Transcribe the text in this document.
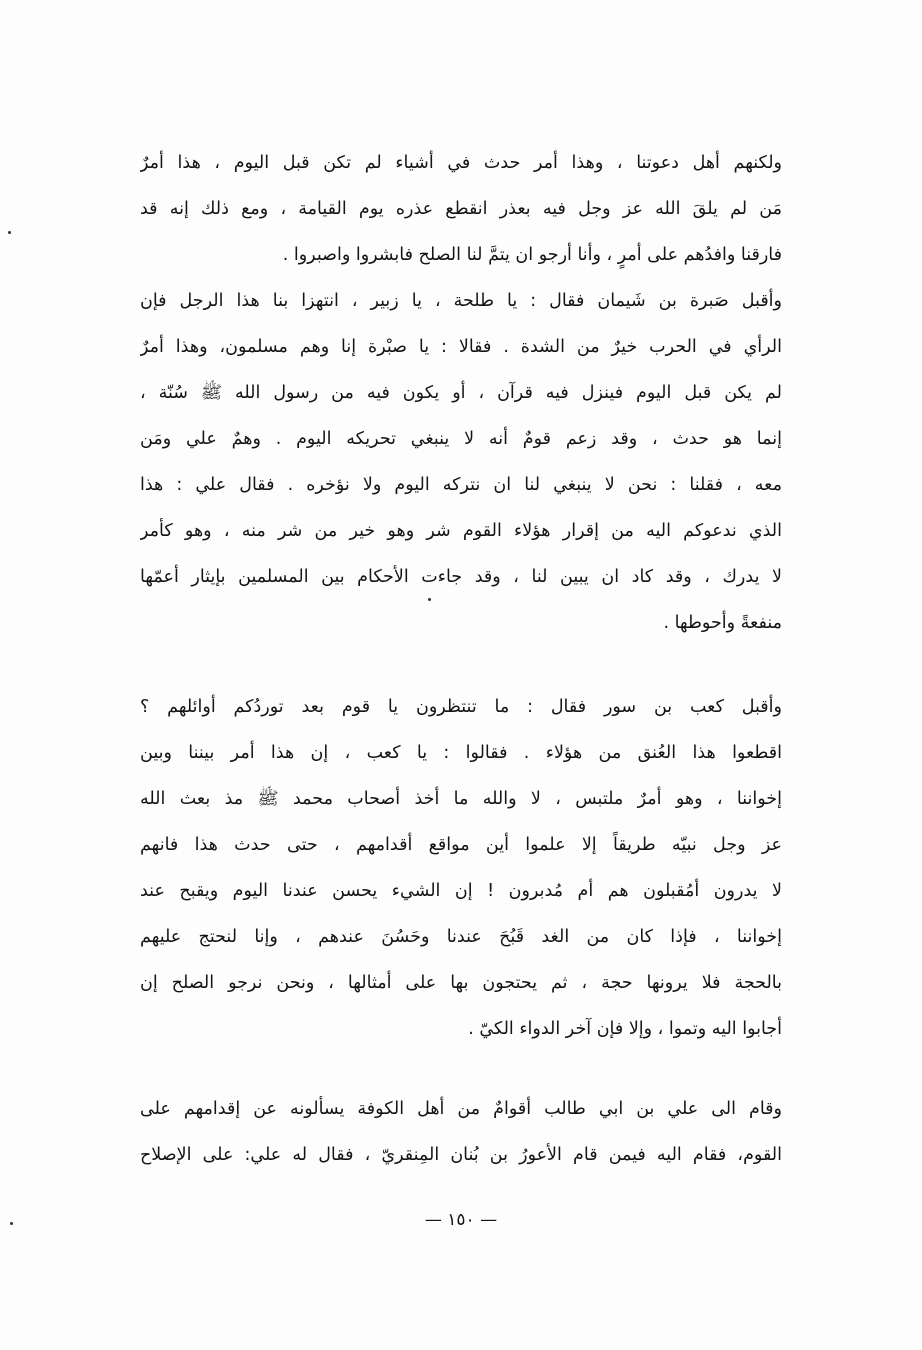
ولكنهم أهل دعوتنا ، وهذا أمر حدث في أشياء لم تكن قبل اليوم ، هذا أمرٌ
مَن لم يلقَ الله عز وجل فيه بعذر انقطع عذره يوم القيامة ، ومع ذلك إنه قد
فارقنا وافدُهم على أمرٍ ، وأنا أرجو ان يتمَّ لنا الصلح فابشروا واصبروا .
وأقبل صَبرة بن شَيمان فقال : يا طلحة ، يا زبير ، انتهزا بنا هذا الرجل فإن
الرأي في الحرب خيرٌ من الشدة . فقالا : يا صبْرة إنا وهم مسلمون، وهذا أمرٌ
لم يكن قبل اليوم فينزل فيه قرآن ، أو يكون فيه من رسول الله ﷺ سُنّة ،
إنما هو حدث ، وقد زعم قومٌ أنه لا ينبغي تحريكه اليوم . وهمٌ علي ومَن
معه ، فقلنا : نحن لا ينبغي لنا ان نتركه اليوم ولا نؤخره . فقال علي : هذا
الذي ندعوكم اليه من إقرار هؤلاء القوم شر وهو خير من شر منه ، وهو كأمر
لا يدرك ، وقد كاد ان يبين لنا ، وقد جاءت الأحكام بين المسلمين بإيثار أعمّها
منفعةً وأحوطها .
وأقبل كعب بن سور فقال : ما تنتظرون يا قوم بعد توردُكم أوائلهم ؟
اقطعوا هذا العُنق من هؤلاء . فقالوا : يا كعب ، إن هذا أمر بيننا وبين
إخواننا ، وهو أمرٌ ملتبس ، لا والله ما أخذ أصحاب محمد ﷺ مذ بعث الله
عز وجل نبيّه طريقاً إلا علموا أين مواقع أقدامهم ، حتى حدث هذا فانهم
لا يدرون أمُقبلون هم أم مُدبرون ! إن الشيء يحسن عندنا اليوم ويقبح عند
إخواننا ، فإذا كان من الغد قَبُحَ عندنا وحَسُنَ عندهم ، وإنا لنحتج عليهم
بالحجة فلا يرونها حجة ، ثم يحتجون بها على أمثالها ، ونحن نرجو الصلح إن
أجابوا اليه وتموا ، وإلا فإن آخر الدواء الكيّ .
وقام الى علي بن ابي طالب أقوامٌ من أهل الكوفة يسألونه عن إقدامهم على
القوم، فقام اليه فيمن قام الأعورُ بن بُنان المِنقريّ ، فقال له علي: على الإصلاح
— ١٥٠ —
